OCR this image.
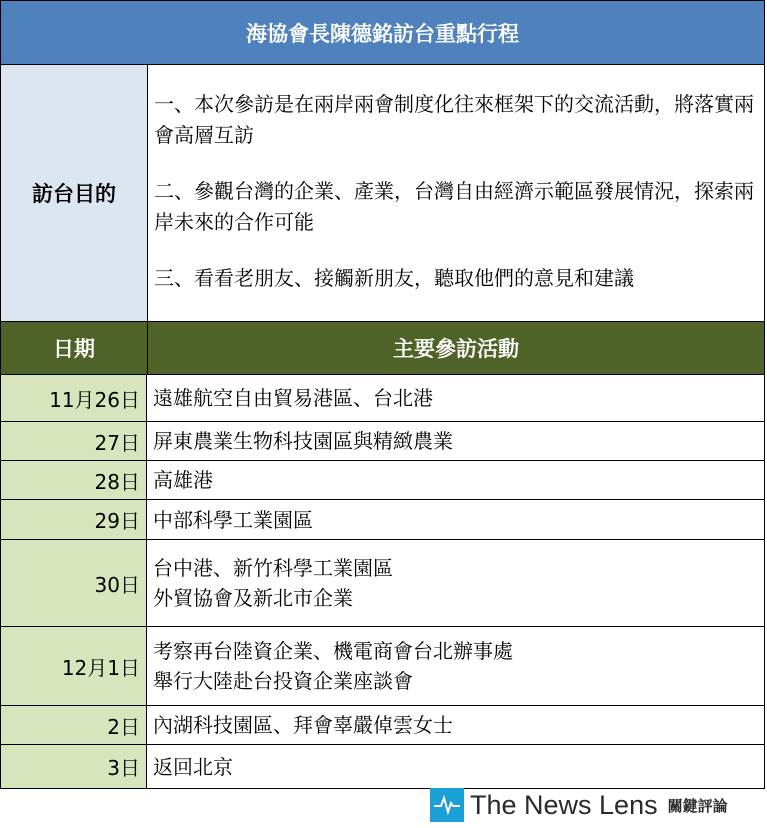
海協會長陳德銘訪台重點行程
訪台目的

一、本次參訪是在兩岸兩會制度化往來框架下的交流活動，將落實兩會高層互訪

二、參觀台灣的企業、產業，台灣自由經濟示範區發展情況，探索兩岸未來的合作可能

三、看看老朋友、接觸新朋友，聽取他們的意見和建議

日期	主要參訪活動
11月26日 遠雄航空自由貿易港區、台北港
27日 屏東農業生物科技園區與精緻農業
28日 高雄港
29日 中部科學工業園區
30日
台中港、新竹科學工業園區
外貿協會及新北市企業
12月1日
考察再台陸資企業、機電商會台北辦事處
舉行大陸赴台投資企業座談會
2日 內湖科技園區、拜會辜嚴倬雲女士
3日 返回北京
The News Lens 關鍵評論
